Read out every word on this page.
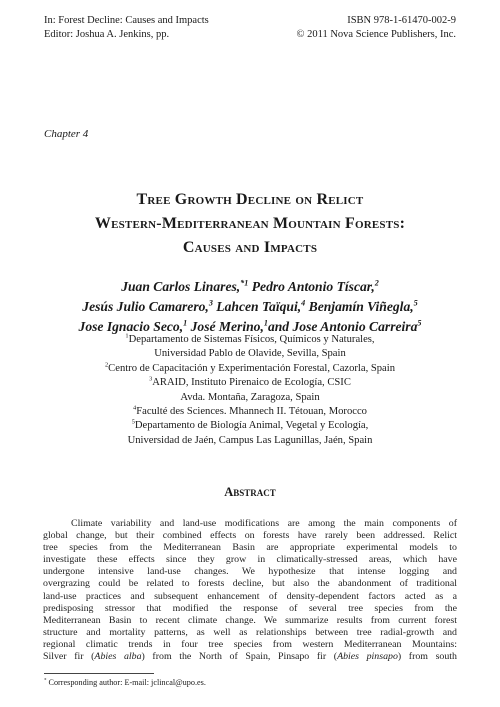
In: Forest Decline: Causes and Impacts
Editor: Joshua A. Jenkins, pp.
ISBN 978-1-61470-002-9
© 2011 Nova Science Publishers, Inc.
Chapter 4
Tree Growth Decline on Relict
Western-Mediterranean Mountain Forests:
Causes and Impacts
Juan Carlos Linares,$^{*1}$ Pedro Antonio Tíscar,$^2$
Jesús Julio Camarero,$^3$ Lahcen Taïqui,$^4$ Benjamín Viñegla,$^5$
Jose Ignacio Seco,$^1$ José Merino,$^1$and Jose Antonio Carreira$^5$
$^1$Departamento de Sistemas Físicos, Químicos y Naturales,
Universidad Pablo de Olavide, Sevilla, Spain
$^2$Centro de Capacitación y Experimentación Forestal, Cazorla, Spain
$^3$ARAID, Instituto Pirenaico de Ecología, CSIC
Avda. Montaña, Zaragoza, Spain
$^4$Faculté des Sciences. Mhannech II. Tétouan, Morocco
$^5$Departamento de Biología Animal, Vegetal y Ecología,
Universidad de Jaén, Campus Las Lagunillas, Jaén, Spain
Abstract
Climate variability and land-use modifications are among the main components of
global change, but their combined effects on forests have rarely been addressed. Relict
tree species from the Mediterranean Basin are appropriate experimental models to
investigate these effects since they grow in climatically-stressed areas, which have
undergone intensive land-use changes. We hypothesize that intense logging and
overgrazing could be related to forests decline, but also the abandonment of traditional
land-use practices and subsequent enhancement of density-dependent factors acted as a
predisposing stressor that modified the response of several tree species from the
Mediterranean Basin to recent climate change. We summarize results from current forest
structure and mortality patterns, as well as relationships between tree radial-growth and
regional climatic trends in four tree species from western Mediterranean Mountains:
Silver fir (Abies alba) from the North of Spain, Pinsapo fir (Abies pinsapo) from south
* Corresponding author: E-mail: jclincal@upo.es.
